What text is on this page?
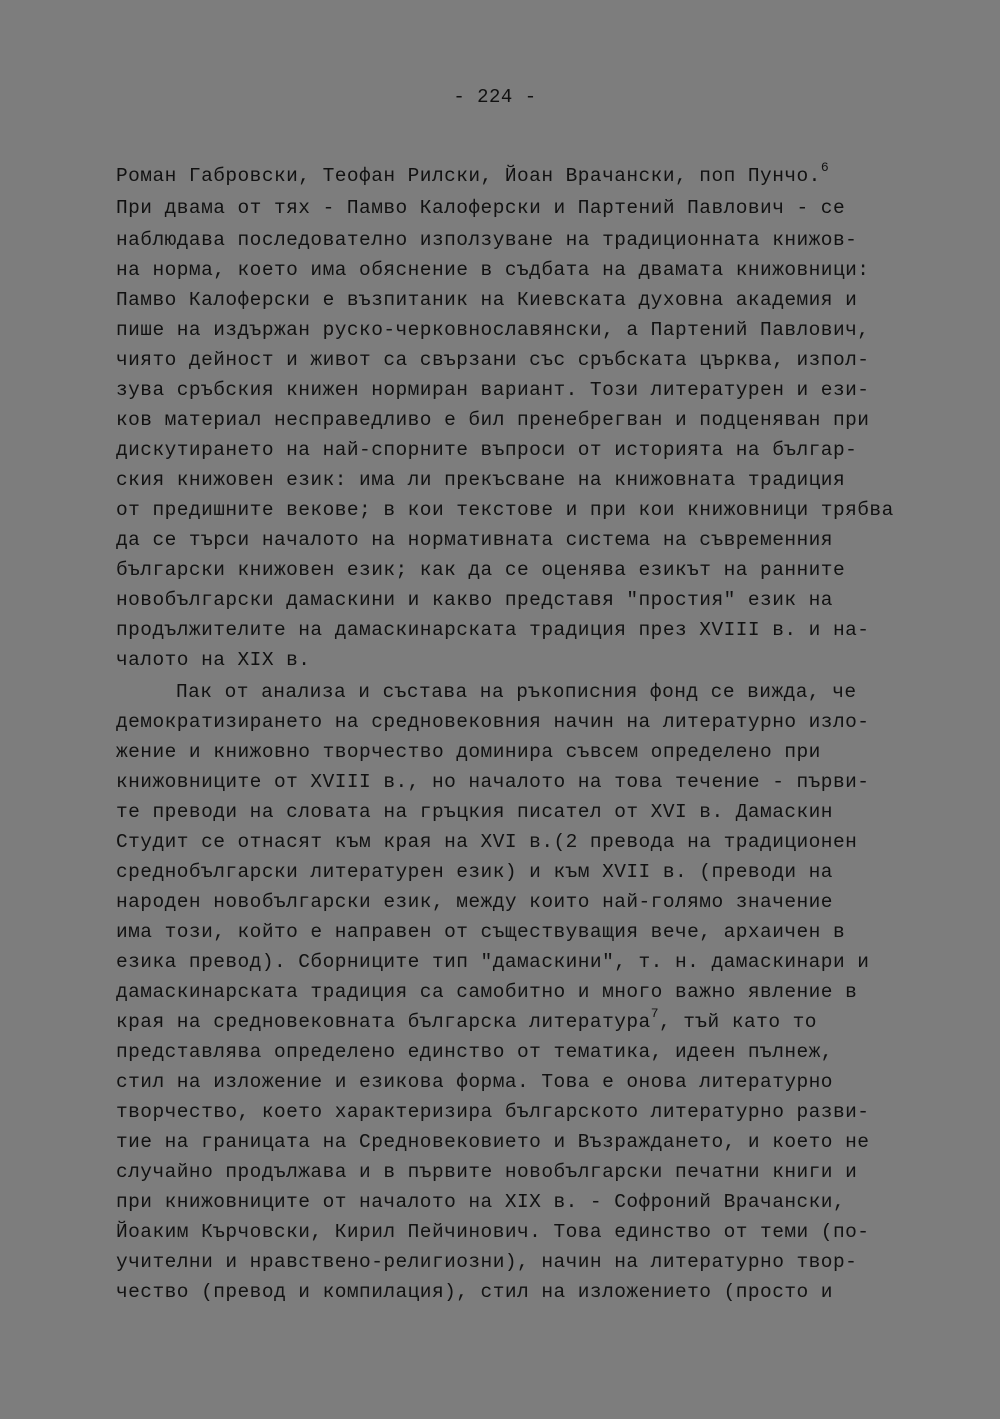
- 224 -

Роман Габровски, Теофан Рилски, Йоан Врачански, поп Пунчо.$^6$

При двама от тях - Памво Калоферски и Партений Павлович - се

наблюдава последователно използуване на традиционната книжов-

на норма, което има обяснение в съдбата на двамата книжовници:

Памво Калоферски е възпитаник на Киевската духовна академия и

пише на издържан руско-черковнославянски, а Партений Павлович,

чиято дейност и живот са свързани със сръбската църква, изпол-

зува сръбския книжен нормиран вариант. Този литературен и ези-

ков материал несправедливо е бил пренебрегван и подценяван при

дискутирането на най-спорните въпроси от историята на българ-

ския книжовен език: има ли прекъсване на книжовната традиция

от предишните векове; в кои текстове и при кои книжовници трябва

да се търси началото на нормативната система на съвременния

български книжовен език; как да се оценява езикът на ранните

новобългарски дамаскини и какво представя "простия" език на

продължителите на дамаскинарската традиция през XVIII в. и на-

чалото на XIX в.

Пак от анализа и състава на ръкописния фонд се вижда, че

демократизирането на средновековния начин на литературно изло-

жение и книжовно творчество доминира съвсем определено при

книжовниците от XVIII в., но началото на това течение - първи-

те преводи на словата на гръцкия писател от XVI в. Дамаскин

Студит се отнасят към края на XVI в.(2 превода на традиционен

среднобългарски литературен език) и към XVII в. (преводи на

народен новобългарски език, между които най-голямо значение

има този, който е направен от съществуващия вече, архаичен в

езика превод). Сборниците тип "дамаскини", т. н. дамаскинари и

дамаскинарската традиция са самобитно и много важно явление в

края на средновековната българска литература$^7$, тъй като то

представлява определено единство от тематика, идеен пълнеж,

стил на изложение и езикова форма. Това е онова литературно

творчество, което характеризира българското литературно разви-

тие на границата на Средновековието и Възраждането, и което не

случайно продължава и в първите новобългарски печатни книги и

при книжовниците от началото на XIX в. - Софроний Врачански,

Йоаким Кърчовски, Кирил Пейчинович. Това единство от теми (по-

учителни и нравствено-религиозни), начин на литературно твор-

чество (превод и компилация), стил на изложението (просто и
